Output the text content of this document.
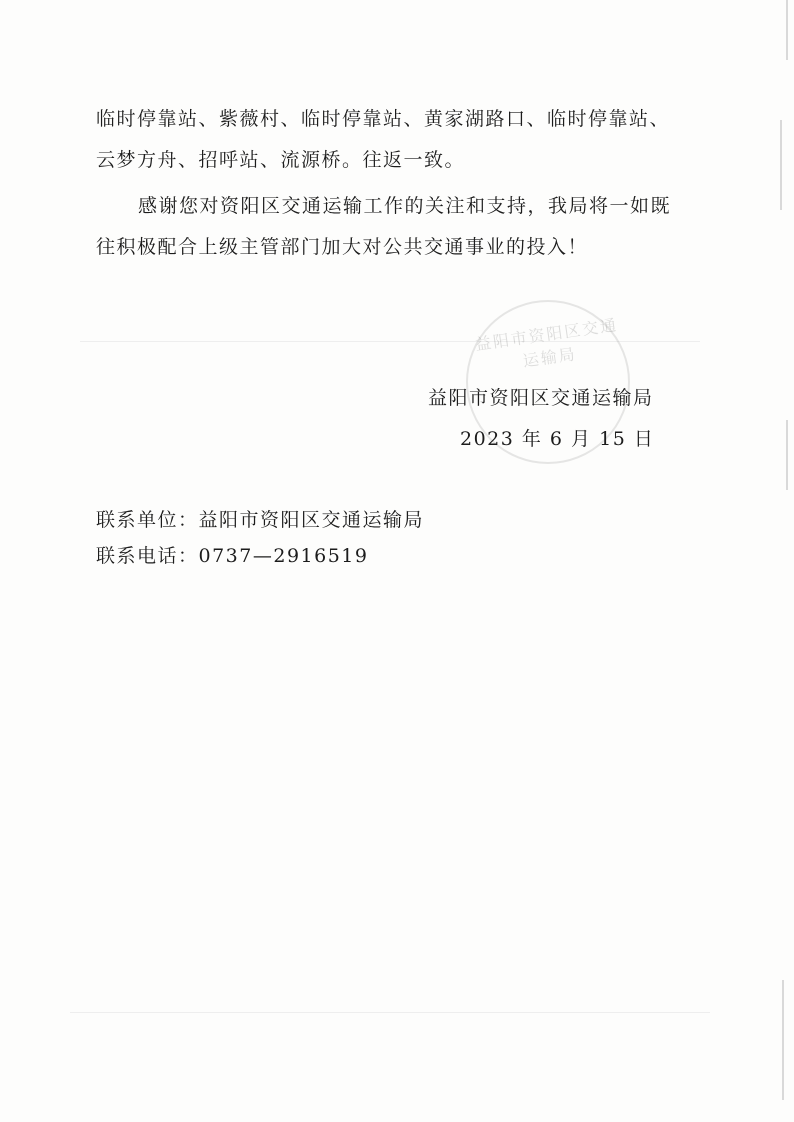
益阳市资阳区交通运输局
临时停靠站、紫薇村、临时停靠站、黄家湖路口、临时停靠站、
云梦方舟、招呼站、流源桥。往返一致。
感谢您对资阳区交通运输工作的关注和支持，我局将一如既
往积极配合上级主管部门加大对公共交通事业的投入！
益阳市资阳区交通运输局
2023 年 6 月 15 日
联系单位：益阳市资阳区交通运输局
联系电话：0737—2916519
